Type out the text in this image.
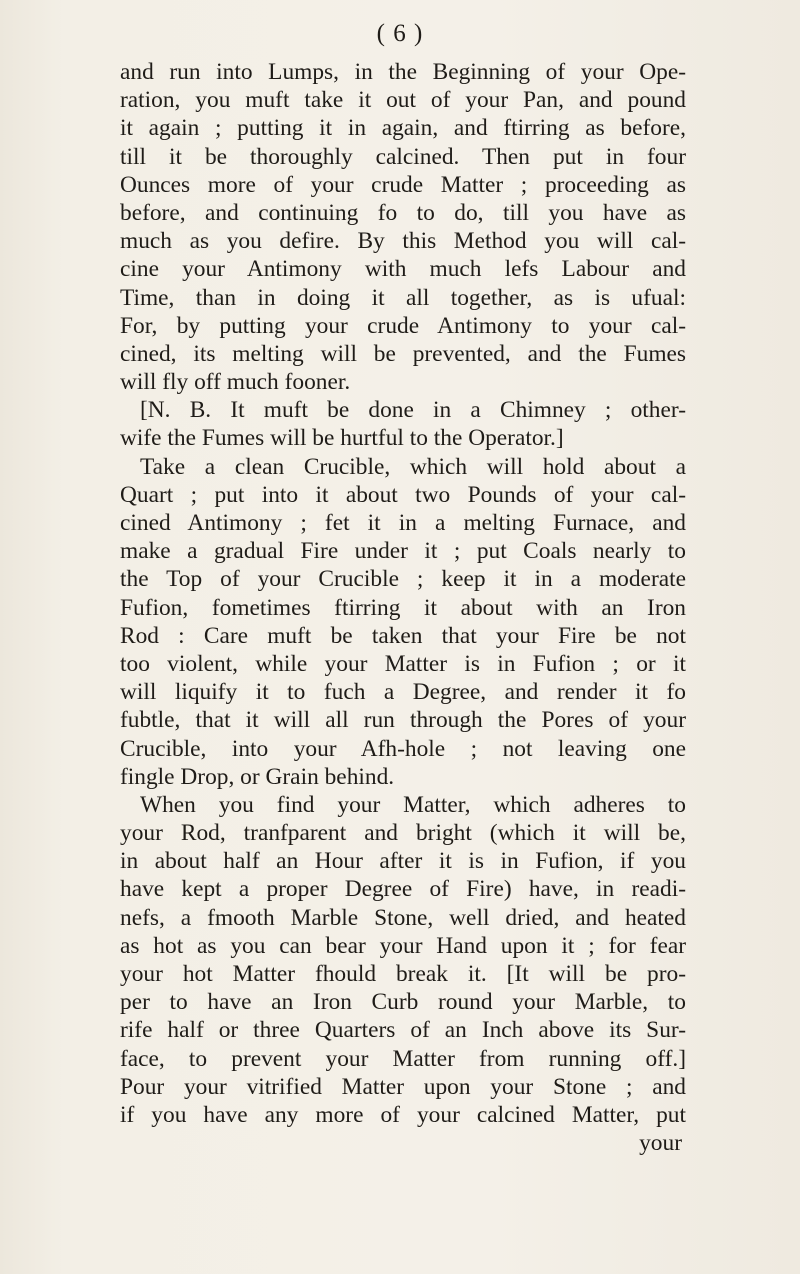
( 6 )
and run into Lumps, in the Beginning of your Ope-
ration, you muft take it out of your Pan, and pound
it again ; putting it in again, and ftirring as before,
till it be thoroughly calcined. Then put in four
Ounces more of your crude Matter ; proceeding as
before, and continuing fo to do, till you have as
much as you defire. By this Method you will cal-
cine your Antimony with much lefs Labour and
Time, than in doing it all together, as is ufual:
For, by putting your crude Antimony to your cal-
cined, its melting will be prevented, and the Fumes
will fly off much fooner.
[N. B. It muft be done in a Chimney ; other-
wife the Fumes will be hurtful to the Operator.]
Take a clean Crucible, which will hold about a
Quart ; put into it about two Pounds of your cal-
cined Antimony ; fet it in a melting Furnace, and
make a gradual Fire under it ; put Coals nearly to
the Top of your Crucible ; keep it in a moderate
Fufion, fometimes ftirring it about with an Iron
Rod : Care muft be taken that your Fire be not
too violent, while your Matter is in Fufion ; or it
will liquify it to fuch a Degree, and render it fo
fubtle, that it will all run through the Pores of your
Crucible, into your Afh-hole ; not leaving one
fingle Drop, or Grain behind.
When you find your Matter, which adheres to
your Rod, tranfparent and bright (which it will be,
in about half an Hour after it is in Fufion, if you
have kept a proper Degree of Fire) have, in readi-
nefs, a fmooth Marble Stone, well dried, and heated
as hot as you can bear your Hand upon it ; for fear
your hot Matter fhould break it. [It will be pro-
per to have an Iron Curb round your Marble, to
rife half or three Quarters of an Inch above its Sur-
face, to prevent your Matter from running off.]
Pour your vitrified Matter upon your Stone ; and
if you have any more of your calcined Matter, put
your
